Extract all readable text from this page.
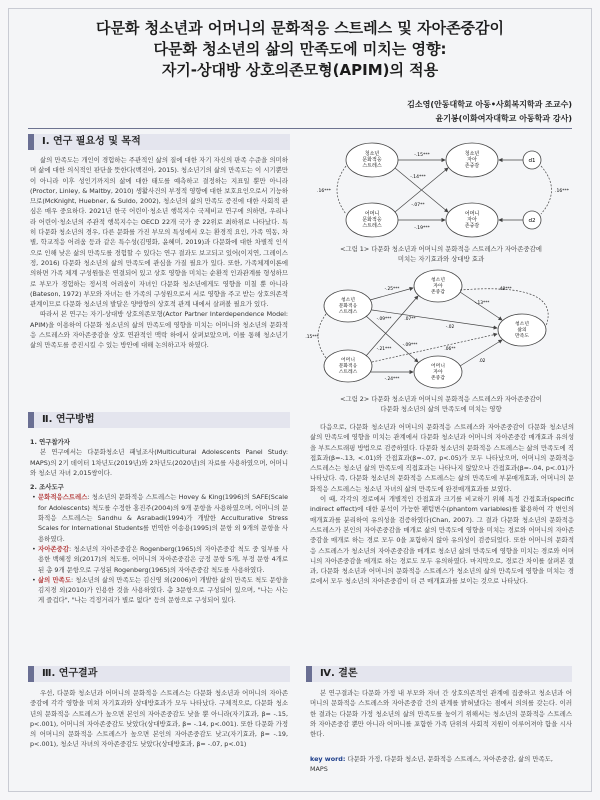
다문화 청소년과 어머니의 문화적응 스트레스 및 자아존중감이
다문화 청소년의 삶의 만족도에 미치는 영향:
자기-상대방 상호의존모형(APIM)의 적용
김소영(안동대학교 아동•사회복지학과 조교수)
윤기봉(이화여자대학교 아동학과 강사)
Ⅰ. 연구 필요성 및 목적

삶의 만족도는 개인이 경험하는 주관적인 삶의 질에 대한 자기 자신의 판족 수준을 의미하며 삶에 대한 의식적인 판단을 뜻한다(백진아, 2015). 청소년기의 삶의 만족도는 이 시기뿐만이 아니라 이후 성인기까지의 삶에 대한 태도를 예측하고 결정하는 지표일 뿐만 아니라(Proctor, Linley, & Maltby, 2010) 생활사건의 부정적 영향에 대한 보호요인으로서 기능하므로(McKnight, Huebner, & Suldo, 2002), 청소년의 삶의 만족도 증진에 대한 사회적 관심은 매우 중요하다. 2021년 한국 어린이·청소년 행복지수 국제비교 연구에 의하면, 우리나라 어린이·청소년의 주관적 행복지수는 OECD 22개 국가 중 22위로 최하위로 나타났다. 특히 다문화 청소년의 경우, 다른 문화를 가진 부모의 특성에서 오는 환경적 요인, 가족 역동, 차별, 학교적응 어려움 등과 같은 특수성(김명화, 윤혜미, 2019)과 다문화에 대한 차별적 인식으로 인해 낮은 삶의 만족도를 경험할 수 있다는 연구 결과도 보고되고 있어(이지연, 그레이스 정, 2016) 다문화 청소년의 삶의 만족도에 관심을 가질 필요가 있다. 또한, 가족체계이론에 의하면 가족 체계 구성원들은 연결되어 있고 상호 영향을 미치는 순환적 인과관계를 형성하므로 부모가 경험하는 정서적 어려움이 자녀인 다문화 청소년에게도 영향을 미칠 뿐 아니라(Bateson, 1972) 부모와 자녀는 한 가족의 구성원으로서 서로 영향을 주고 받는 상호의존적 관계이므로 다문화 청소년의 발달은 양방향의 상호적 관계 내에서 살펴볼 필요가 있다.

따라서 본 연구는 자기-상대방 상호의존모형(Actor Partner Interdependence Model: APIM)을 이용하여 다문화 청소년의 삶의 만족도에 영향을 미치는 어머니와 청소년의 문화적응 스트레스와 자아존중감을 상호 연관적인 맥락 하에서 살펴보았으며, 이를 통해 청소년기 삶의 만족도를 증진시킬 수 있는 방안에 대해 논의하고자 하였다.

Ⅱ. 연구방법
1. 연구참가자

본 연구에서는 다문화청소년 패널조사(Multicultural Adolescents Panel Study: MAPS)의 2기 데이터 1차년도(2019년)와 2차년도(2020년)의 자료를 사용하였으며, 어머니와 청소년 자녀 2,015쌍이다.

2. 조사도구
• 문화적응스트레스: 청소년의 문화적응 스트레스는 Hovey & King(1996)의 SAFE(Scale for Adolescents) 척도를 수정한 홍진주(2004)의 9개 문항을 사용하였으며, 어머니의 문화적응 스트레스는 Sandhu & Asrabadi(1994)가 개발한 Acculturative Stress Scales for International Students를 번역한 이송용(1995)의 문항 외 9개의 문항을 사용하였다.
• 자아존중감: 청소년의 자아존중감은 Rogenberg(1965)의 자아존중감 척도 중 일부를 사용한 백혜정 외(2017)의 척도를, 어머니의 자아존중감은 긍정 문항 5개, 부정 문항 4개로 된 총 9개 문항으로 구성된 Rogenberg(1965)의 자아존중감 척도를 사용하였다.
• 삶의 만족도: 청소년의 삶의 만족도는 김신영 외(2006)이 개발한 삶의 만족도 척도 문항을 김지경 외(2010)가 인용한 것을 사용하였다. 총 3문항으로 구성되어 있으며, "나는 사는 게 즐겁다", "나는 걱정거리가 별로 없다" 등의 문항으로 구성되어 있다.
Ⅲ. 연구결과

우선, 다문화 청소년과 어머니의 문화적응 스트레스는 다문화 청소년과 어머니의 자아존중감에 각각 영향을 미쳐 자기효과와 상대방효과가 모두 나타났다. 구체적으로, 다문화 청소년의 문화적응 스트레스가 높으면 본인의 자아존중감도 낮을 뿐 아니라(자기효과, β= -.15, p<.001), 어머니의 자아존중감도 낮았다(상대방효과, β= -.14, p<.001). 또한 다문화 가정의 어머니의 문화적응 스트레스가 높으면 본인의 자아존중감도 낮고(자기효과, β= -.19, p<.001), 청소년 자녀의 자아존중감도 낮았다(상대방효과, β= -.07, p<.01)

청소년
문화적응
스트레스
청소년
자아
존중감
어머니
문화적응
스트레스
어머니
자아
존중감
d1
d2
-.15***
-.19***
-.14***
-.07**
.16***	.16***
<그림 1> 다문화 청소년과 어머니의 문화적응 스트레스가 자아존중감에
미치는 자기효과와 상대방 효과
청소년
문화적응
스트레스
어머니
문화적응
스트레스
청소년
자아
존중감
어머니
자아
존중감
청소년
삶의
만족도
-.25***	.48***
-.13***
-.09***	.07**
-.02
.06**
-.24***
-.09***
.02
.15***
-.21***
<그림 2> 다문화 청소년과 어머니의 문화적응 스트레스와 자아존중감이
다문화 청소년의 삶의 만족도에 미치는 영향

다음으로, 다문화 청소년과 어머니의 문화적응 스트레스와 자아존중감이 다문화 청소년의 삶의 만족도에 영향을 미치는 관계에서 다문화 청소년과 어머니의 자아존중감 매개효과 유의성을 부트스트래핑 방법으로 검증하였다. 다문화 청소년의 문화적응 스트레스는 삶의 만족도에 직접효과(β=-.13, <.01)와 간접효과(β=-.07, p<.05)가 모두 나타났으며, 어머니의 문화적응 스트레스는 청소년 삶의 만족도에 직접효과는 나타나지 않았으나 간접효과(β=-.04, p<.01)가 나타났다. 즉, 다문화 청소년의 문화적응 스트레스는 삶의 만족도에 부분매개효과, 어머니의 문화적응 스트레스는 청소년 자녀의 삶의 만족도에 완전매개효과를 보였다.

이 때, 각각의 경로에서 개별적인 간접효과 크기를 비교하기 위해 특정 간접효과(specific indirect effect)에 대한 분석이 가능한 팬텀변수(phantom variables)를 활용하여 각 변인의 매개효과를 분리하여 유의성을 검증하였다(Chan, 2007). 그 결과 다문화 청소년의 문화적응 스트레스가 본인의 자아존중감을 매개로 삶의 만족도에 영향을 미치는 경로와 어머니의 자아존중감을 매개로 하는 경로 모두 0을 포함하지 않아 유의성이 검증되었다. 또한 어머니의 문화적응 스트레스가 청소년의 자아존중감을 매개로 청소년 삶의 만족도에 영향을 미치는 경로와 어머니의 자아존중감을 매개로 하는 경로도 모두 유의하였다. 마지막으로, 경로간 차이를 살펴본 결과, 다문화 청소년과 어머니의 문화적응 스트레스가 청소년의 삶의 만족도에 영향을 미치는 경로에서 모두 청소년의 자아존중감이 더 큰 매개효과를 보이는 것으로 나타났다.

Ⅳ. 결론

본 연구결과는 다문화 가정 내 부모와 자녀 간 상호의존적인 관계에 집중하고 청소년과 어머니의 문화적응 스트레스와 자아존중감 간의 관계를 밝혀냈다는 점에서 의의를 갖는다. 이러한 결과는 다문화 가정 청소년의 삶의 만족도를 높이기 위해서는 청소년의 문화적응 스트레스와 자아존중감 뿐만 아니라 어머니를 포함한 가족 단위의 사회적 지원이 이루어져야 함을 시사한다.

key word: 다문화 가정, 다문화 청소년, 문화적응 스트레스, 자아존중감, 삶의 만족도, MAPS
